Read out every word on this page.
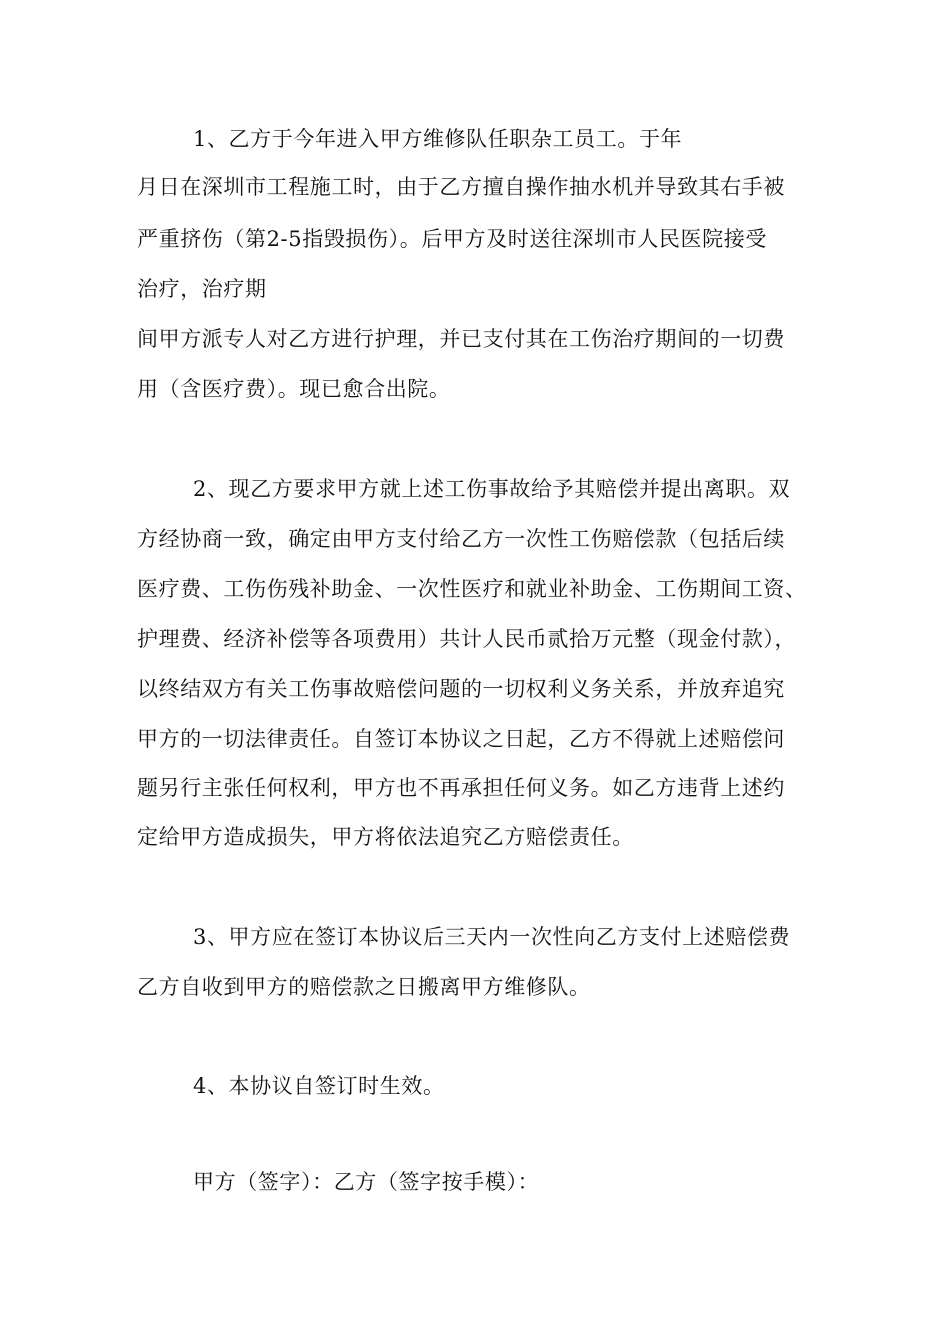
1、乙方于今年进入甲方维修队任职杂工员工。于年
月日在深圳市工程施工时，由于乙方擅自操作抽水机并导致其右手被
严重挤伤（第2-5指毁损伤）。后甲方及时送往深圳市人民医院接受
治疗，治疗期
间甲方派专人对乙方进行护理，并已支付其在工伤治疗期间的一切费
用（含医疗费）。现已愈合出院。
2、现乙方要求甲方就上述工伤事故给予其赔偿并提出离职。双
方经协商一致，确定由甲方支付给乙方一次性工伤赔偿款（包括后续
医疗费、工伤伤残补助金、一次性医疗和就业补助金、工伤期间工资、
护理费、经济补偿等各项费用）共计人民币贰拾万元整（现金付款），
以终结双方有关工伤事故赔偿问题的一切权利义务关系，并放弃追究
甲方的一切法律责任。自签订本协议之日起，乙方不得就上述赔偿问
题另行主张任何权利，甲方也不再承担任何义务。如乙方违背上述约
定给甲方造成损失，甲方将依法追究乙方赔偿责任。
3、甲方应在签订本协议后三天内一次性向乙方支付上述赔偿费
乙方自收到甲方的赔偿款之日搬离甲方维修队。
4、本协议自签订时生效。
甲方（签字）：乙方（签字按手模）：
